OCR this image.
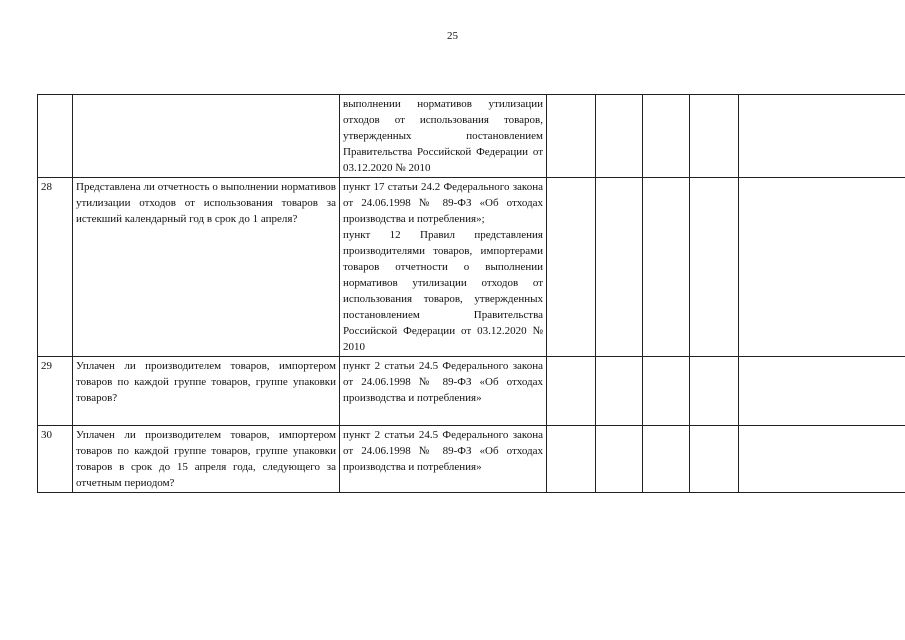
25

		выполнении нормативов утилизации отходов от использования товаров, утвержденных постановлением Правительства Российской Федерации от 03.12.2020 № 2010					

28	Представлена ли отчетность о выполнении нормативов утилизации отходов от использования товаров за истекший календарный год в срок до 1 апреля?	пункт 17 статьи 24.2 Федерального закона от 24.06.1998 № 89-ФЗ «Об отходах производства и потребления»;
пункт 12 Правил представления производителями товаров, импортерами товаров отчетности о выполнении нормативов утилизации отходов от использования товаров, утвержденных постановлением Правительства Российской Федерации от 03.12.2020 № 2010					

29	Уплачен ли производителем товаров, импортером товаров по каждой группе товаров, группе упаковки товаров?	пункт 2 статьи 24.5 Федерального закона от 24.06.1998 № 89-ФЗ «Об отходах производства и потребления»					

30	Уплачен ли производителем товаров, импортером товаров по каждой группе товаров, группе упаковки товаров в срок до 15 апреля года, следующего за отчетным периодом?	пункт 2 статьи 24.5 Федерального закона от 24.06.1998 № 89-ФЗ «Об отходах производства и потребления»					
